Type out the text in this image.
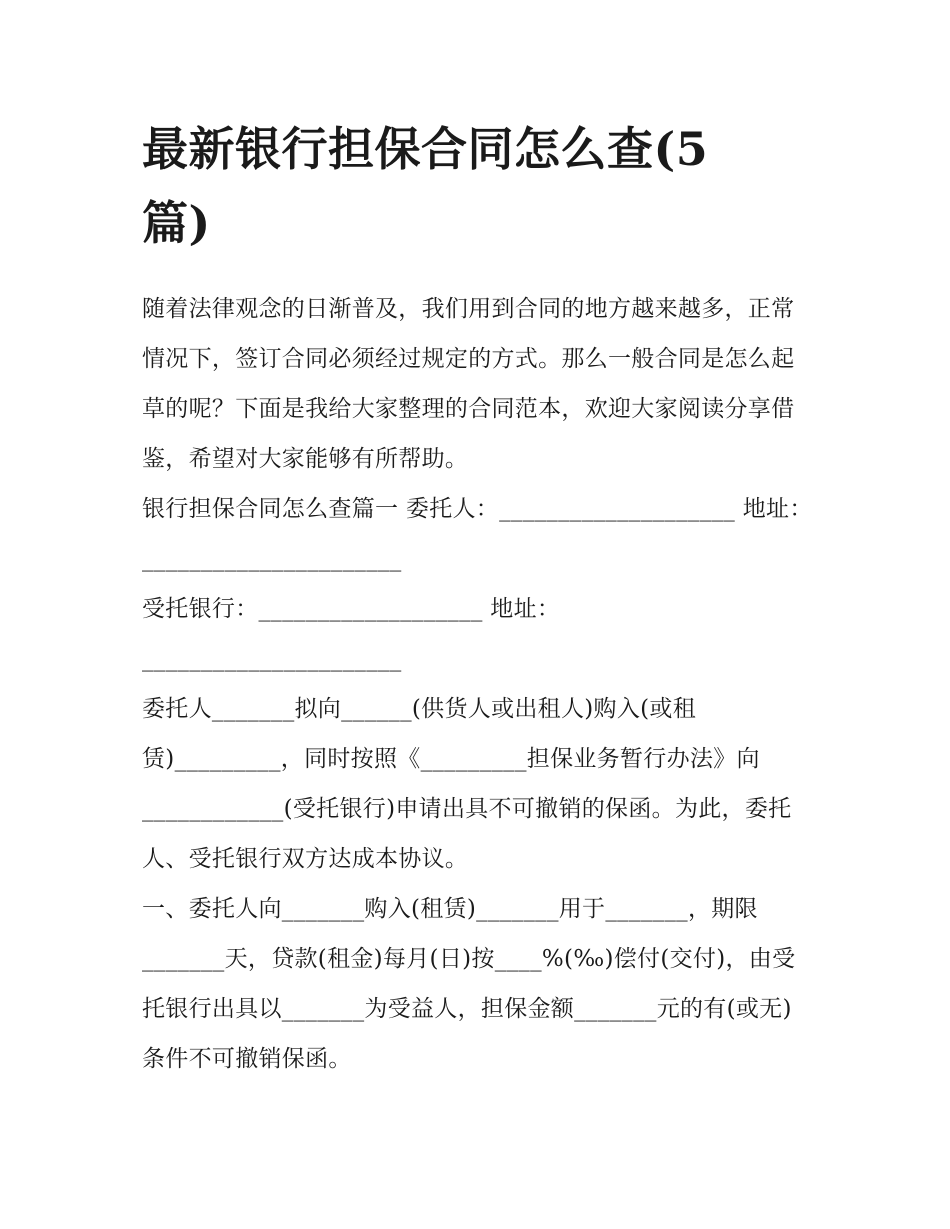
最新银行担保合同怎么查(5篇)

随着法律观念的日渐普及，我们用到合同的地方越来越多，正常情况下，签订合同必须经过规定的方式。那么一般合同是怎么起草的呢？下面是我给大家整理的合同范本，欢迎大家阅读分享借鉴，希望对大家能够有所帮助。

银行担保合同怎么查篇一 委托人：____________________ 地址：______________________

受托银行：___________________ 地址：______________________

委托人_______拟向______(供货人或出租人)购入(或租赁)_________，同时按照《_________担保业务暂行办法》向____________(受托银行)申请出具不可撤销的保函。为此，委托人、受托银行双方达成本协议。

一、委托人向_______购入(租赁)_______用于_______，期限_______天，贷款(租金)每月(日)按____%(‰)偿付(交付)，由受托银行出具以_______为受益人，担保金额_______元的有(或无)条件不可撤销保函。
